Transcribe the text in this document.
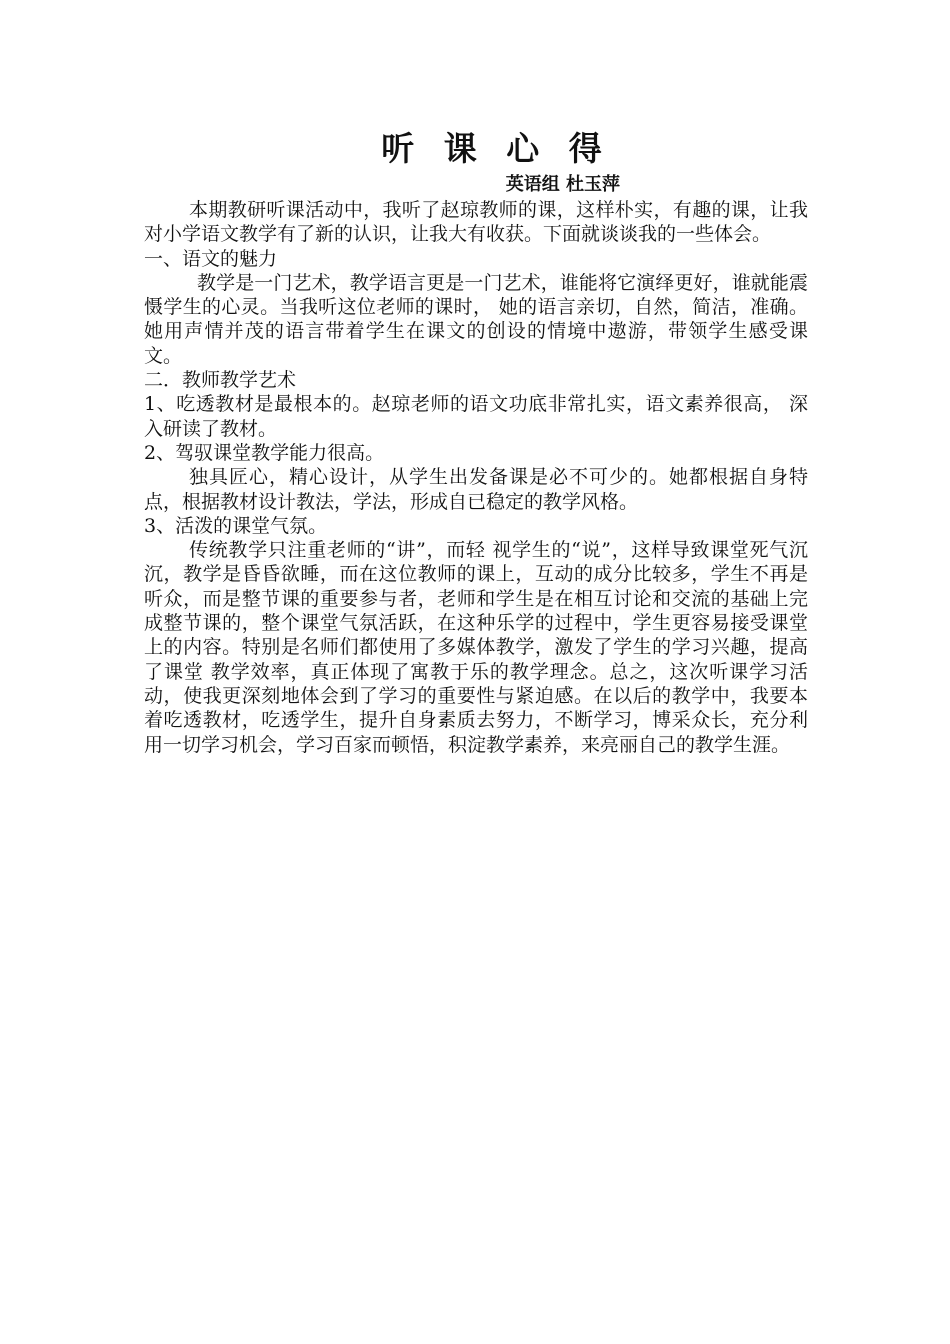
听 课 心 得

英语组 杜玉萍

本期教研听课活动中，我听了赵琼教师的课，这样朴实，有趣的课，让我对小学语文教学有了新的认识，让我大有收获。下面就谈谈我的一些体会。

一、语文的魅力

教学是一门艺术，教学语言更是一门艺术，谁能将它演绎更好，谁就能震慑学生的心灵。当我听这位老师的课时， 她的语言亲切，自然，简洁，准确。她用声情并茂的语言带着学生在课文的创设的情境中遨游，带领学生感受课文。

二．教师教学艺术

1、吃透教材是最根本的。赵琼老师的语文功底非常扎实，语文素养很高， 深入研读了教材。

2、驾驭课堂教学能力很高。

独具匠心，精心设计，从学生出发备课是必不可少的。她都根据自身特点，根据教材设计教法，学法，形成自已稳定的教学风格。

3、活泼的课堂气氛。

传统教学只注重老师的“讲”，而轻 视学生的“说”，这样导致课堂死气沉沉，教学是昏昏欲睡，而在这位教师的课上，互动的成分比较多，学生不再是听众，而是整节课的重要参与者，老师和学生是在相互讨论和交流的基础上完成整节课的，整个课堂气氛活跃，在这种乐学的过程中，学生更容易接受课堂上的内容。特别是名师们都使用了多媒体教学，激发了学生的学习兴趣，提高了课堂 教学效率，真正体现了寓教于乐的教学理念。总之，这次听课学习活动，使我更深刻地体会到了学习的重要性与紧迫感。在以后的教学中，我要本着吃透教材，吃透学生，提升自身素质去努力，不断学习，博采众长，充分利用一切学习机会，学习百家而顿悟，积淀教学素养，来亮丽自己的教学生涯。
